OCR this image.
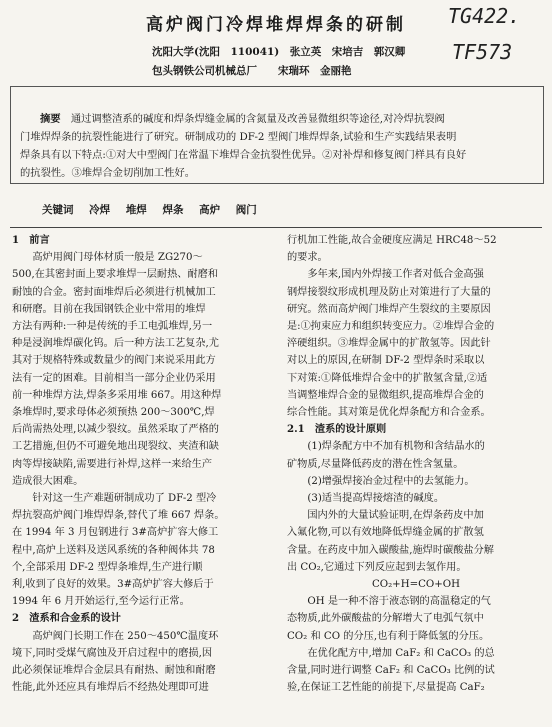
高炉阀门冷焊堆焊焊条的研制	TG422.
TF573
沈阳大学(沈阳　110041)　张立英　宋培吉　郭汉卿
包头钢铁公司机械总厂　　宋瑞环　金丽艳
摘要　 通过调整渣系的碱度和焊条焊缝金属的含氮量及改善显微组织等途径,对冷焊抗裂阀
门堆焊焊条的抗裂性能进行了研究。研制成功的 DF-2 型阀门堆焊焊条,试验和生产实践结果表明
焊条具有以下特点:①对大中型阀门在常温下堆焊合金抗裂性优异。②对补焊和修复阀门样具有良好
的抗裂性。③堆焊合金切削加工性好。
关键词 冷焊 堆焊 焊条 高炉 阀门

1　前言

　　高炉用阀门母体材质一般是 ZG270～

500,在其密封面上要求堆焊一层耐热、耐磨和

耐蚀的合金。密封面堆焊后必须进行机械加工

和研磨。目前在我国钢铁企业中常用的堆焊

方法有两种:一种是传统的手工电弧堆焊,另一

种是浸润堆焊碳化钨。后一种方法工艺复杂,尤

其对于规格特殊或数量少的阀门来说采用此方

法有一定的困难。目前相当一部分企业仍采用

前一种堆焊方法,焊条多采用堆 667。用这种焊

条堆焊时,要求母体必须预热 200～300℃,焊

后尚需热处理,以减少裂纹。虽然采取了严格的

工艺措施,但仍不可避免地出现裂纹、夹渣和缺

肉等焊接缺陷,需要进行补焊,这样一来给生产

造成很大困难。

　　针对这一生产难题研制成功了 DF-2 型冷

焊抗裂高炉阀门堆焊焊条,替代了堆 667 焊条。

在 1994 年 3 月包钢进行 3#高炉扩容大修工

程中,高炉上送料及送风系统的各种阀体共 78

个,全部采用 DF-2 型焊条堆焊,生产进行顺

利,收到了良好的效果。3#高炉扩容大修后于

1994 年 6 月开始运行,至今运行正常。

2　渣系和合金系的设计

　　高炉阀门长期工作在 250～450℃温度环

境下,同时受煤气腐蚀及开启过程中的磨损,因

此必须保证堆焊合金层具有耐热、耐蚀和耐磨

性能,此外还应具有堆焊后不经热处理即可进

行机加工性能,故合金硬度应满足 HRC48～52

的要求。

　　多年来,国内外焊接工作者对低合金高强

钢焊接裂纹形成机理及防止对策进行了大量的

研究。然而高炉阀门堆焊产生裂纹的主要原因

是:①拘束应力和组织转变应力。②堆焊合金的

淬硬组织。③堆焊金属中的扩散氢等。因此针

对以上的原因,在研制 DF-2 型焊条时采取以

下对策:①降低堆焊合金中的扩散氢含量,②适

当调整堆焊合金的显微组织,提高堆焊合金的

综合性能。其对策是优化焊条配方和合金系。

2.1　渣系的设计原则

　　(1)焊条配方中不加有机物和含结晶水的

矿物质,尽量降低药皮的潜在性含氢量。

　　(2)增强焊接冶金过程中的去氢能力。

　　(3)适当提高焊接熔渣的碱度。

　　国内外的大量试验证明,在焊条药皮中加

入氟化物,可以有效地降低焊缝金属的扩散氢

含量。在药皮中加入碳酸盐,施焊时碳酸盐分解

出 CO₂,它通过下列反应起到去氢作用。

CO₂+H=CO+OH

　　OH 是一种不溶于液态钢的高温稳定的气

态物质,此外碳酸盐的分解增大了电弧气氛中

CO₂ 和 CO 的分压,也有利于降低氢的分压。

　　在优化配方中,增加 CaF₂ 和 CaCO₃ 的总

含量,同时进行调整 CaF₂ 和 CaCO₃ 比例的试

验,在保证工艺性能的前提下,尽量提高 CaF₂
